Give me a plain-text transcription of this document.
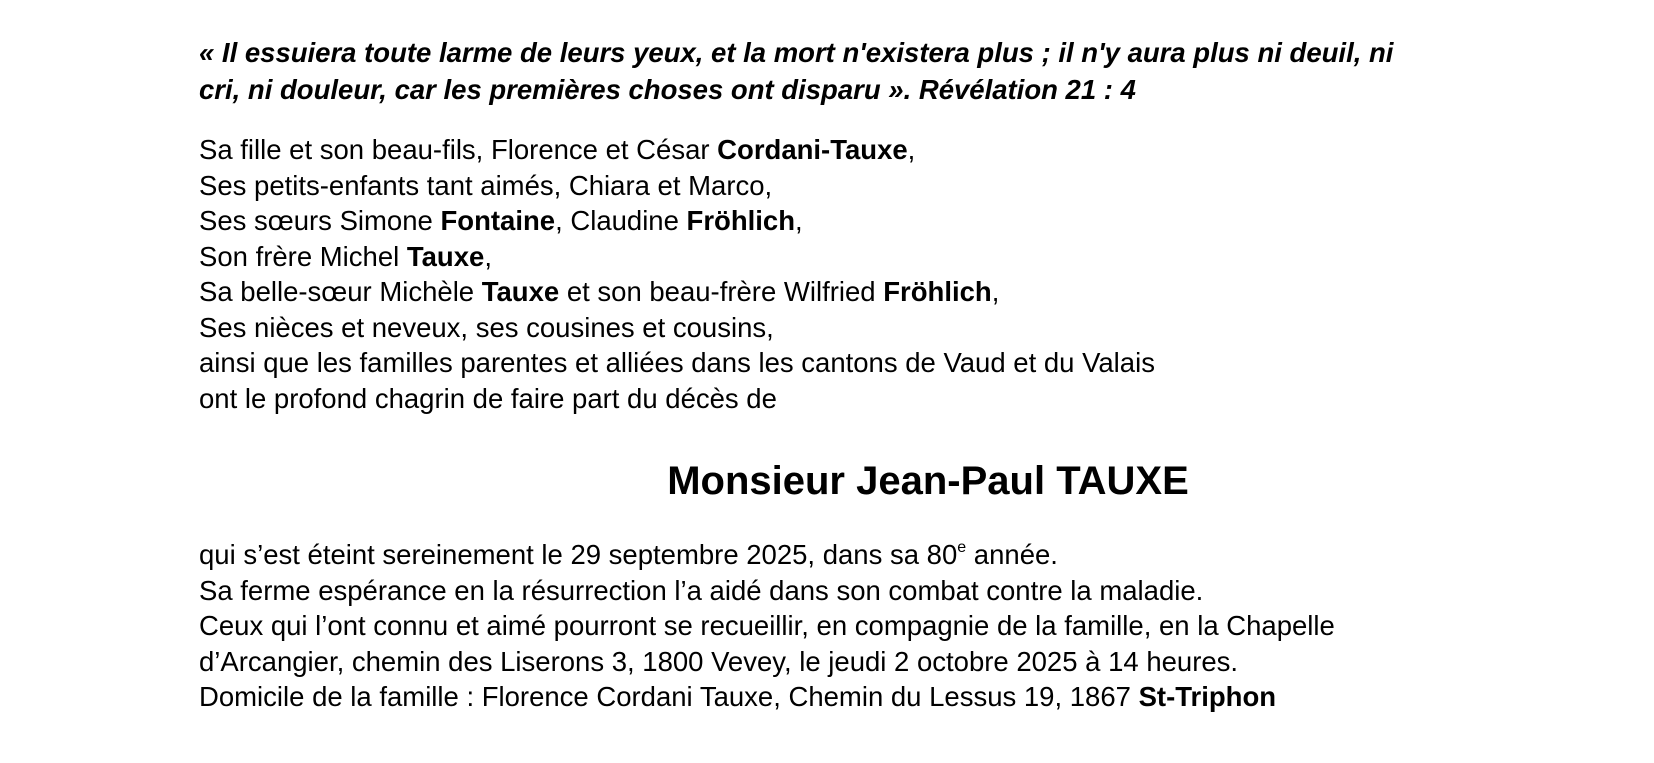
« Il essuiera toute larme de leurs yeux, et la mort n'existera plus ; il n'y aura plus ni deuil, ni
cri, ni douleur, car les premières choses ont disparu ». Révélation 21 : 4

Sa fille et son beau-fils, Florence et César Cordani-Tauxe,
Ses petits-enfants tant aimés, Chiara et Marco,
Ses sœurs Simone Fontaine, Claudine Fröhlich,
Son frère Michel Tauxe,
Sa belle-sœur Michèle Tauxe et son beau-frère Wilfried Fröhlich,
Ses nièces et neveux, ses cousines et cousins,
ainsi que les familles parentes et alliées dans les cantons de Vaud et du Valais
ont le profond chagrin de faire part du décès de
Monsieur Jean-Paul TAUXE
qui s’est éteint sereinement le 29 septembre 2025, dans sa 80e année.
Sa ferme espérance en la résurrection l’a aidé dans son combat contre la maladie.
Ceux qui l’ont connu et aimé pourront se recueillir, en compagnie de la famille, en la Chapelle
d’Arcangier, chemin des Liserons 3, 1800 Vevey, le jeudi 2 octobre 2025 à 14 heures.
Domicile de la famille : Florence Cordani Tauxe, Chemin du Lessus 19, 1867 St-Triphon
